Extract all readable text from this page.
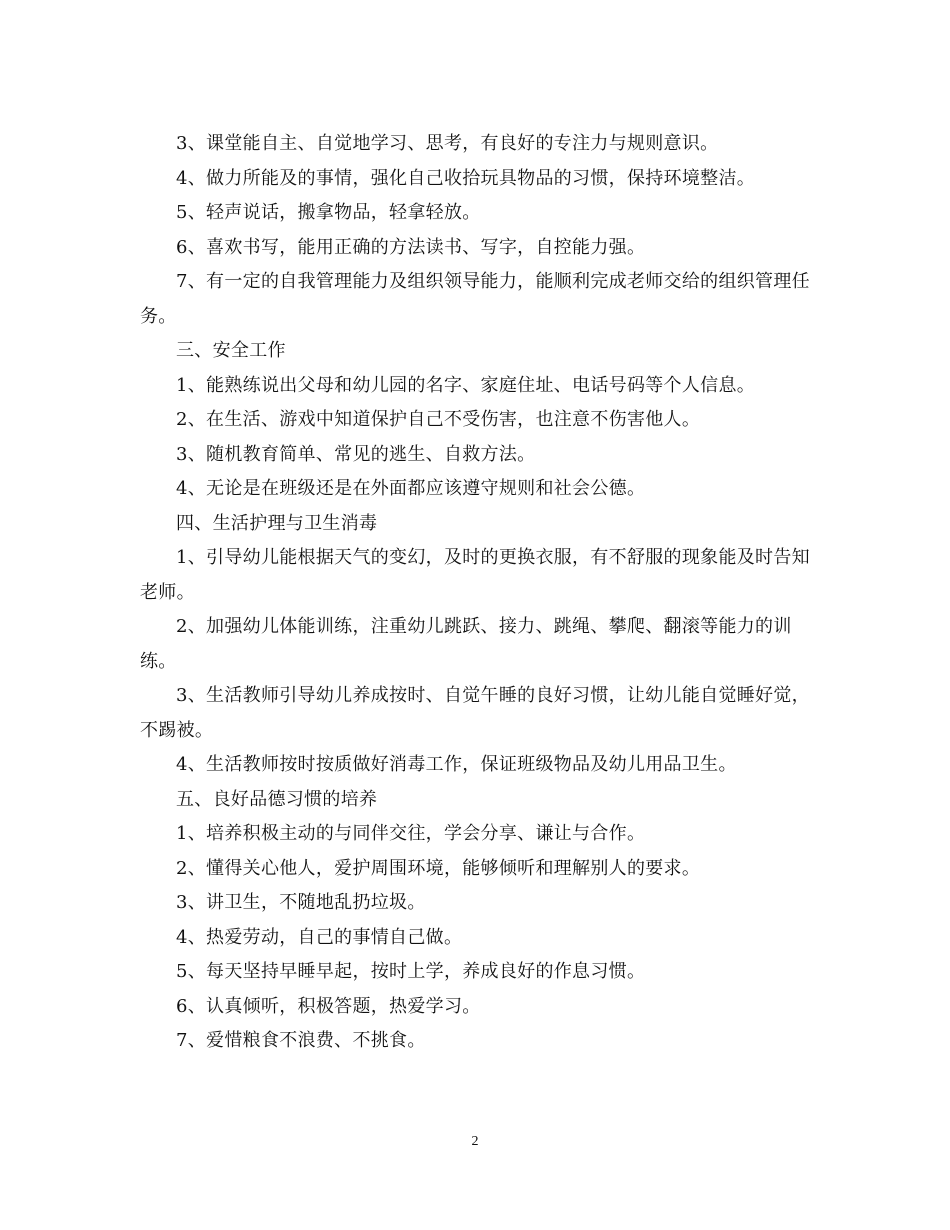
3、课堂能自主、自觉地学习、思考，有良好的专注力与规则意识。

4、做力所能及的事情，强化自己收拾玩具物品的习惯，保持环境整洁。

5、轻声说话，搬拿物品，轻拿轻放。

6、喜欢书写，能用正确的方法读书、写字，自控能力强。

7、有一定的自我管理能力及组织领导能力，能顺利完成老师交给的组织管理任务。

三、安全工作

1、能熟练说出父母和幼儿园的名字、家庭住址、电话号码等个人信息。

2、在生活、游戏中知道保护自己不受伤害，也注意不伤害他人。

3、随机教育简单、常见的逃生、自救方法。

4、无论是在班级还是在外面都应该遵守规则和社会公德。

四、生活护理与卫生消毒

1、引导幼儿能根据天气的变幻，及时的更换衣服，有不舒服的现象能及时告知老师。

2、加强幼儿体能训练，注重幼儿跳跃、接力、跳绳、攀爬、翻滚等能力的训练。

3、生活教师引导幼儿养成按时、自觉午睡的良好习惯，让幼儿能自觉睡好觉，不踢被。

4、生活教师按时按质做好消毒工作，保证班级物品及幼儿用品卫生。

五、良好品德习惯的培养

1、培养积极主动的与同伴交往，学会分享、谦让与合作。

2、懂得关心他人，爱护周围环境，能够倾听和理解别人的要求。

3、讲卫生，不随地乱扔垃圾。

4、热爱劳动，自己的事情自己做。

5、每天坚持早睡早起，按时上学，养成良好的作息习惯。

6、认真倾听，积极答题，热爱学习。

7、爱惜粮食不浪费、不挑食。

2
